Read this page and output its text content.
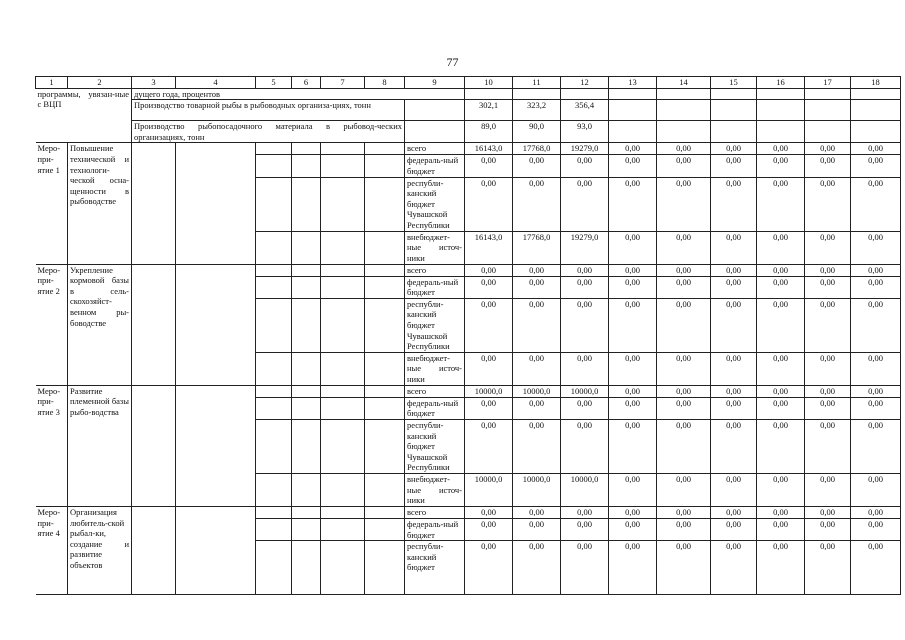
77
1	2	3	4	5	6	7	8	9	10	11	12	13	14	15	16	17	18
программы, увязан-ные с ВЦП		дущего года, процентов															
		Производство товарной рыбы в рыбоводных организа-циях, тонн							302,1	323,2	356,4						
		Производство рыбопосадочного материала в рыбовод-ческих организациях, тонн							89,0	90,0	93,0						
Меро-при-ятие 1	Повышение технической и технологи-ческой осна-щенности в рыбоводстве							всего	16143,0	17768,0	19279,0	0,00	0,00	0,00	0,00	0,00	0,00
								федераль-ный бюджет	0,00	0,00	0,00	0,00	0,00	0,00	0,00	0,00	0,00
								республи-канский бюджет Чувашской Республики	0,00	0,00	0,00	0,00	0,00	0,00	0,00	0,00	0,00
								внебюджет-ные источ-ники	16143,0	17768,0	19279,0	0,00	0,00	0,00	0,00	0,00	0,00
Меро-при-ятие 2	Укрепление кормовой базы в сель-скохозяйст-венном ры-боводстве							всего	0,00	0,00	0,00	0,00	0,00	0,00	0,00	0,00	0,00
								федераль-ный бюджет	0,00	0,00	0,00	0,00	0,00	0,00	0,00	0,00	0,00
								республи-канский бюджет Чувашской Республики	0,00	0,00	0,00	0,00	0,00	0,00	0,00	0,00	0,00
								внебюджет-ные источ-ники	0,00	0,00	0,00	0,00	0,00	0,00	0,00	0,00	0,00
Меро-при-ятие 3	Развитие племенной базы рыбо-водства							всего	10000,0	10000,0	10000,0	0,00	0,00	0,00	0,00	0,00	0,00
								федераль-ный бюджет	0,00	0,00	0,00	0,00	0,00	0,00	0,00	0,00	0,00
								республи-канский бюджет Чувашской Республики	0,00	0,00	0,00	0,00	0,00	0,00	0,00	0,00	0,00
								внебюджет-ные источ-ники	10000,0	10000,0	10000,0	0,00	0,00	0,00	0,00	0,00	0,00
Меро-при-ятие 4	Организация любитель-ской рыбал-ки, создание и развитие объектов							всего	0,00	0,00	0,00	0,00	0,00	0,00	0,00	0,00	0,00
								федераль-ный бюджет	0,00	0,00	0,00	0,00	0,00	0,00	0,00	0,00	0,00
								республи-канский бюджет	0,00	0,00	0,00	0,00	0,00	0,00	0,00	0,00	0,00
